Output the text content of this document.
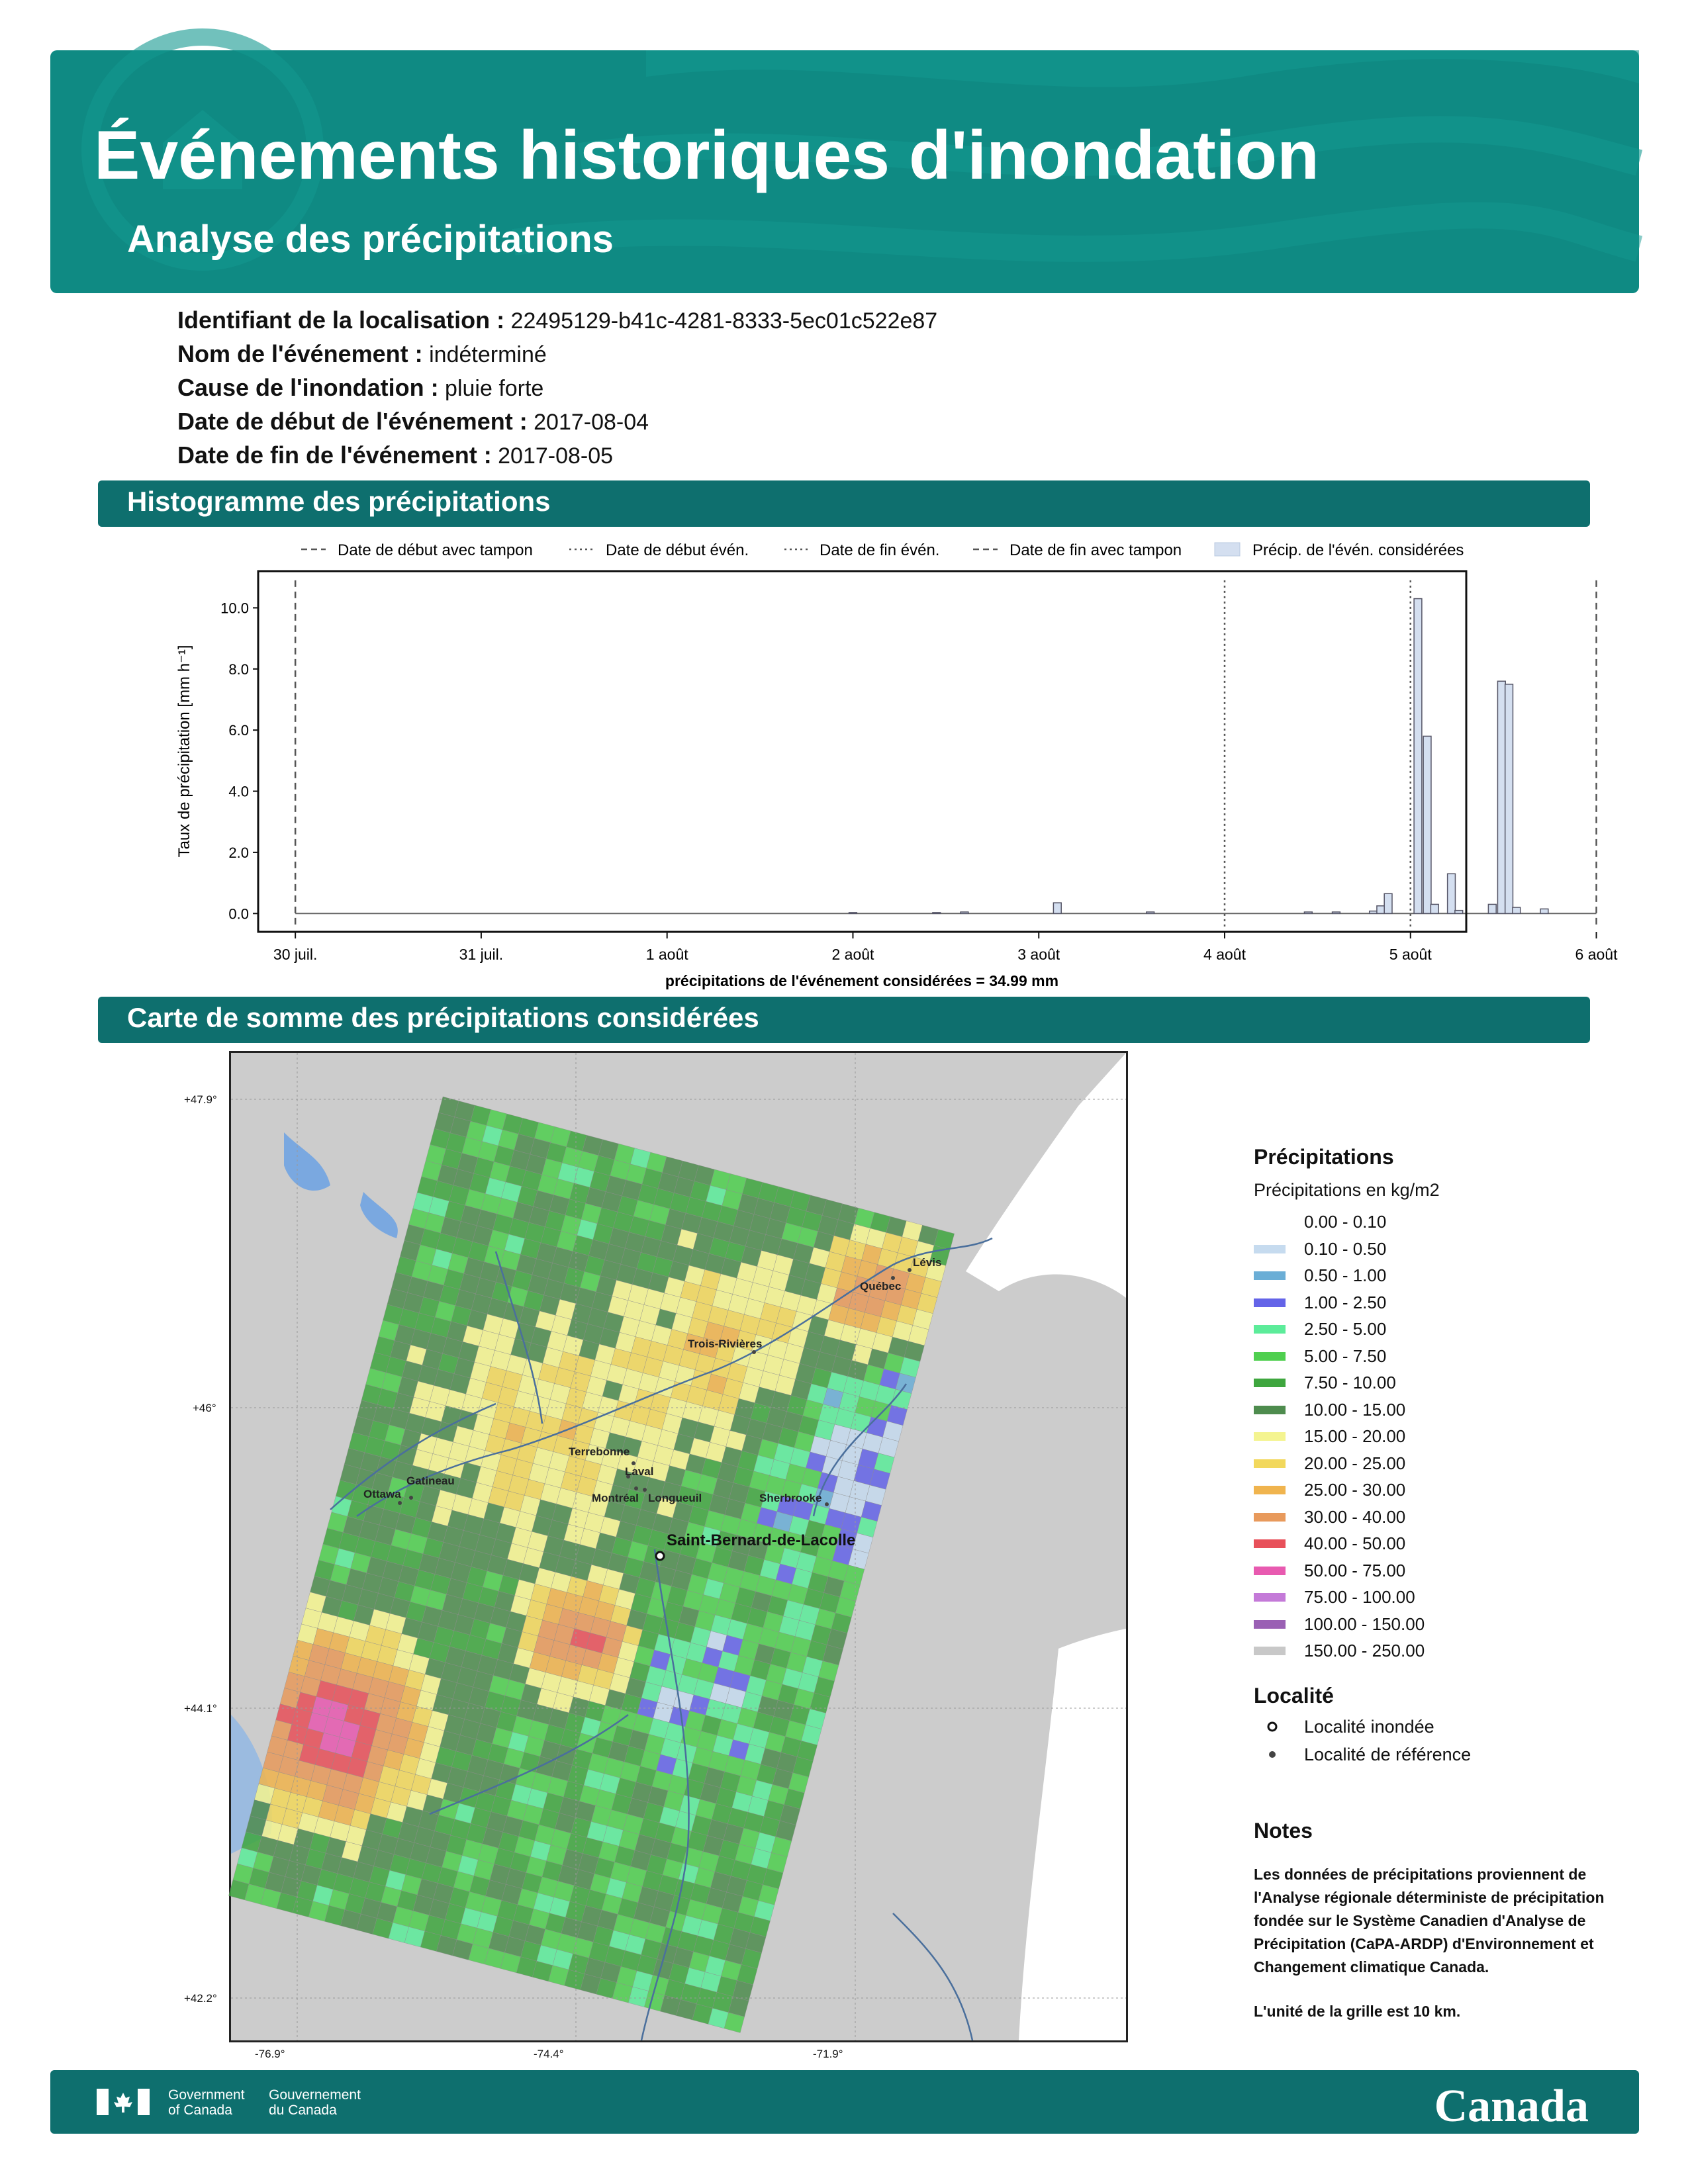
Événements historiques d'inondation
Analyse des précipitations
Identifiant de la localisation : 22495129-b41c-4281-8333-5ec01c522e87
Nom de l'événement : indéterminé
Cause de l'inondation : pluie forte
Date de début de l'événement : 2017-08-04
Date de fin de l'événement : 2017-08-05
Histogramme des précipitations
Date de début avec tampon	Date de début évén.	Date de fin évén.	Date de fin avec tampon	Précip. de l'évén. considérées
0.0
2.0
4.0
6.0
8.0
10.0
30 juil.	31 juil.	1 août	2 août	3 août	4 août	5 août	6 août
Taux de précipitation [mm h⁻¹]
précipitations de l'événement considérées = 34.99 mm
Carte de somme des précipitations considérées
+47.9°
+46°
+44.1°
+42.2°
-76.9°	-74.4°	-71.9°
Lévis
Québec
Trois-Rivières
Terrebonne
Laval
Montréal Longueuil	Sherbrooke
Gatineau
Ottawa
Saint-Bernard-de-Lacolle
Précipitations
Précipitations en kg/m2
0.00 - 0.10
0.10 - 0.50
0.50 - 1.00
1.00 - 2.50
2.50 - 5.00
5.00 - 7.50
7.50 - 10.00
10.00 - 15.00
15.00 - 20.00
20.00 - 25.00
25.00 - 30.00
30.00 - 40.00
40.00 - 50.00
50.00 - 75.00
75.00 - 100.00
100.00 - 150.00
150.00 - 250.00
Localité
Localité inondée
Localité de référence
Notes
Les données de précipitations proviennent de l'Analyse régionale déterministe de précipitation fondée sur le Système Canadien d'Analyse de Précipitation (CaPA-ARDP) d'Environnement et Changement climatique Canada.
L'unité de la grille est 10 km.
Government
of Canada
Gouvernement
du Canada	Canada
